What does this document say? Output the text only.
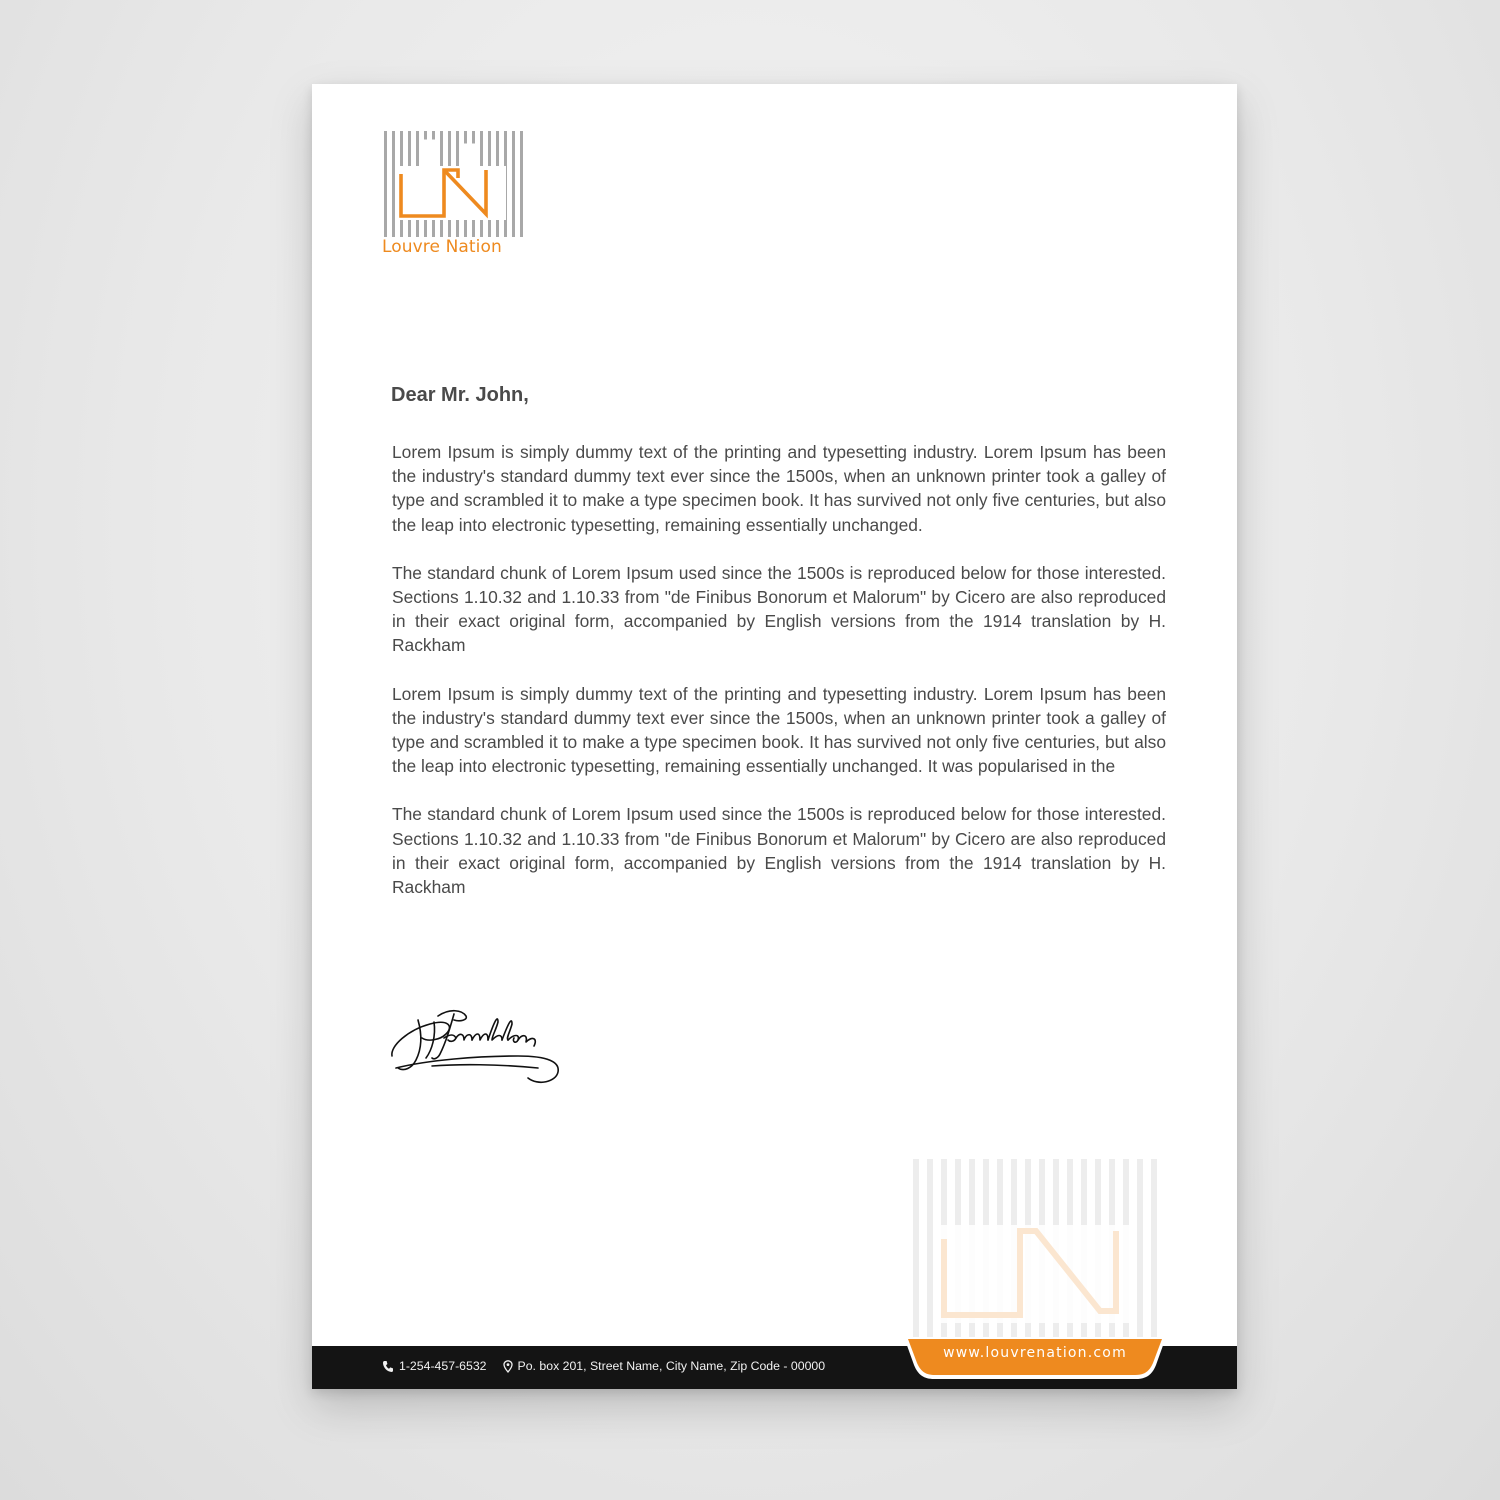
Louvre Nation
Dear Mr. John,

Lorem Ipsum is simply dummy text of the printing and typesetting industry. Lorem Ipsum has been the industry's standard dummy text ever since the 1500s, when an unknown printer took a galley of type and scrambled it to make a type specimen book. It has survived not only five centuries, but also the leap into electronic typesetting, remaining essentially unchanged.

The standard chunk of Lorem Ipsum used since the 1500s is reproduced below for those interested. Sections 1.10.32 and 1.10.33 from "de Finibus Bonorum et Malorum" by Cicero are also reproduced in their exact original form, accompanied by English versions from the 1914 translation by H. Rackham

Lorem Ipsum is simply dummy text of the printing and typesetting industry. Lorem Ipsum has been the industry's standard dummy text ever since the 1500s, when an unknown printer took a galley of type and scrambled it to make a type specimen book. It has survived not only five centuries, but also the leap into electronic typesetting, remaining essentially unchanged. It was popularised in the

The standard chunk of Lorem Ipsum used since the 1500s is reproduced below for those interested. Sections 1.10.32 and 1.10.33 from "de Finibus Bonorum et Malorum" by Cicero are also reproduced in their exact original form, accompanied by English versions from the 1914 translation by H. Rackham

1-254-457-6532	Po. box 201, Street Name, City Name, Zip Code - 00000
www.louvrenation.com
